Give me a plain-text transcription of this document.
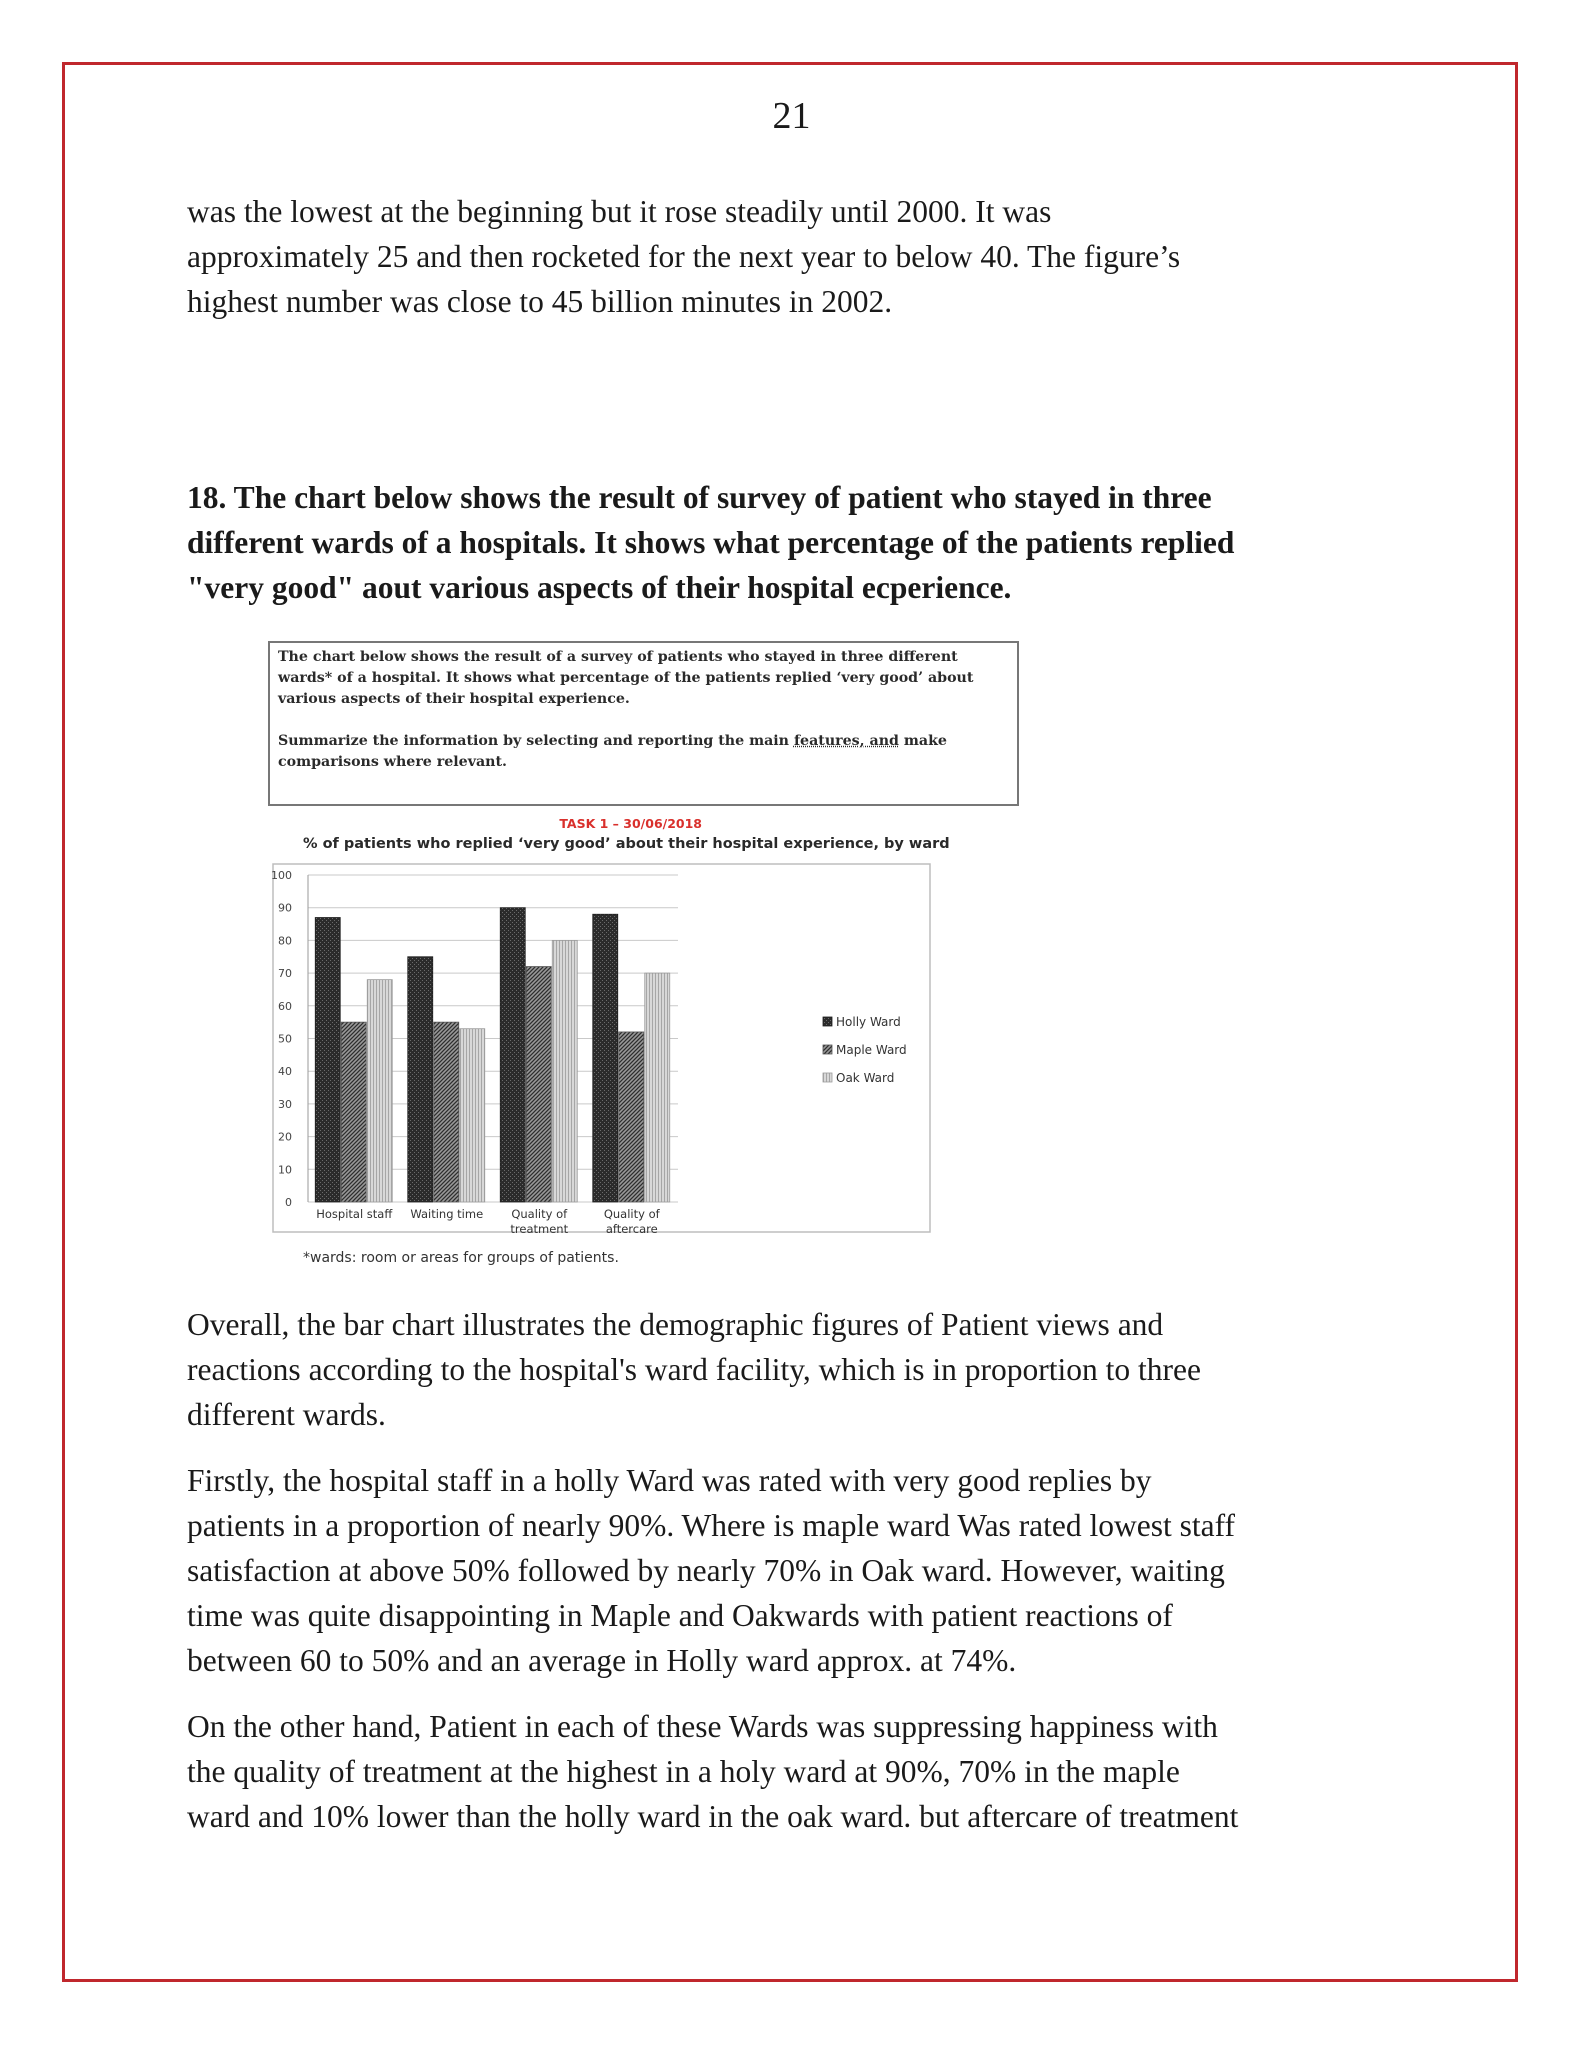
21

was the lowest at the beginning but it rose steadily until 2000. It was
approximately 25 and then rocketed for the next year to below 40. The figure’s
highest number was close to 45 billion minutes in 2002.

18. The chart below shows the result of survey of patient who stayed in three
different wards of a hospitals. It shows what percentage of the patients replied
"very good" aout various aspects of their hospital ecperience.

The chart below shows the result of a survey of patients who stayed in three different

wards* of a hospital. It shows what percentage of the patients replied ‘very good’ about

various aspects of their hospital experience.

Summarize the information by selecting and reporting the main features, and make

comparisons where relevant.

TASK 1 – 30/06/2018
% of patients who replied ‘very good’ about their hospital experience, by ward
0
10
20
30
40
50
60
70
80
90
100
Hospital staff Waiting time Quality of
treatment
Quality of
aftercare
Holly Ward
Maple Ward
Oak Ward
*wards: room or areas for groups of patients.

Overall, the bar chart illustrates the demographic figures of Patient views and
reactions according to the hospital's ward facility, which is in proportion to three
different wards.

Firstly, the hospital staff in a holly Ward was rated with very good replies by
patients in a proportion of nearly 90%. Where is maple ward Was rated lowest staff
satisfaction at above 50% followed by nearly 70% in Oak ward. However, waiting
time was quite disappointing in Maple and Oakwards with patient reactions of
between 60 to 50% and an average in Holly ward approx. at 74%.

On the other hand, Patient in each of these Wards was suppressing happiness with
the quality of treatment at the highest in a holy ward at 90%, 70% in the maple
ward and 10% lower than the holly ward in the oak ward. but aftercare of treatment
